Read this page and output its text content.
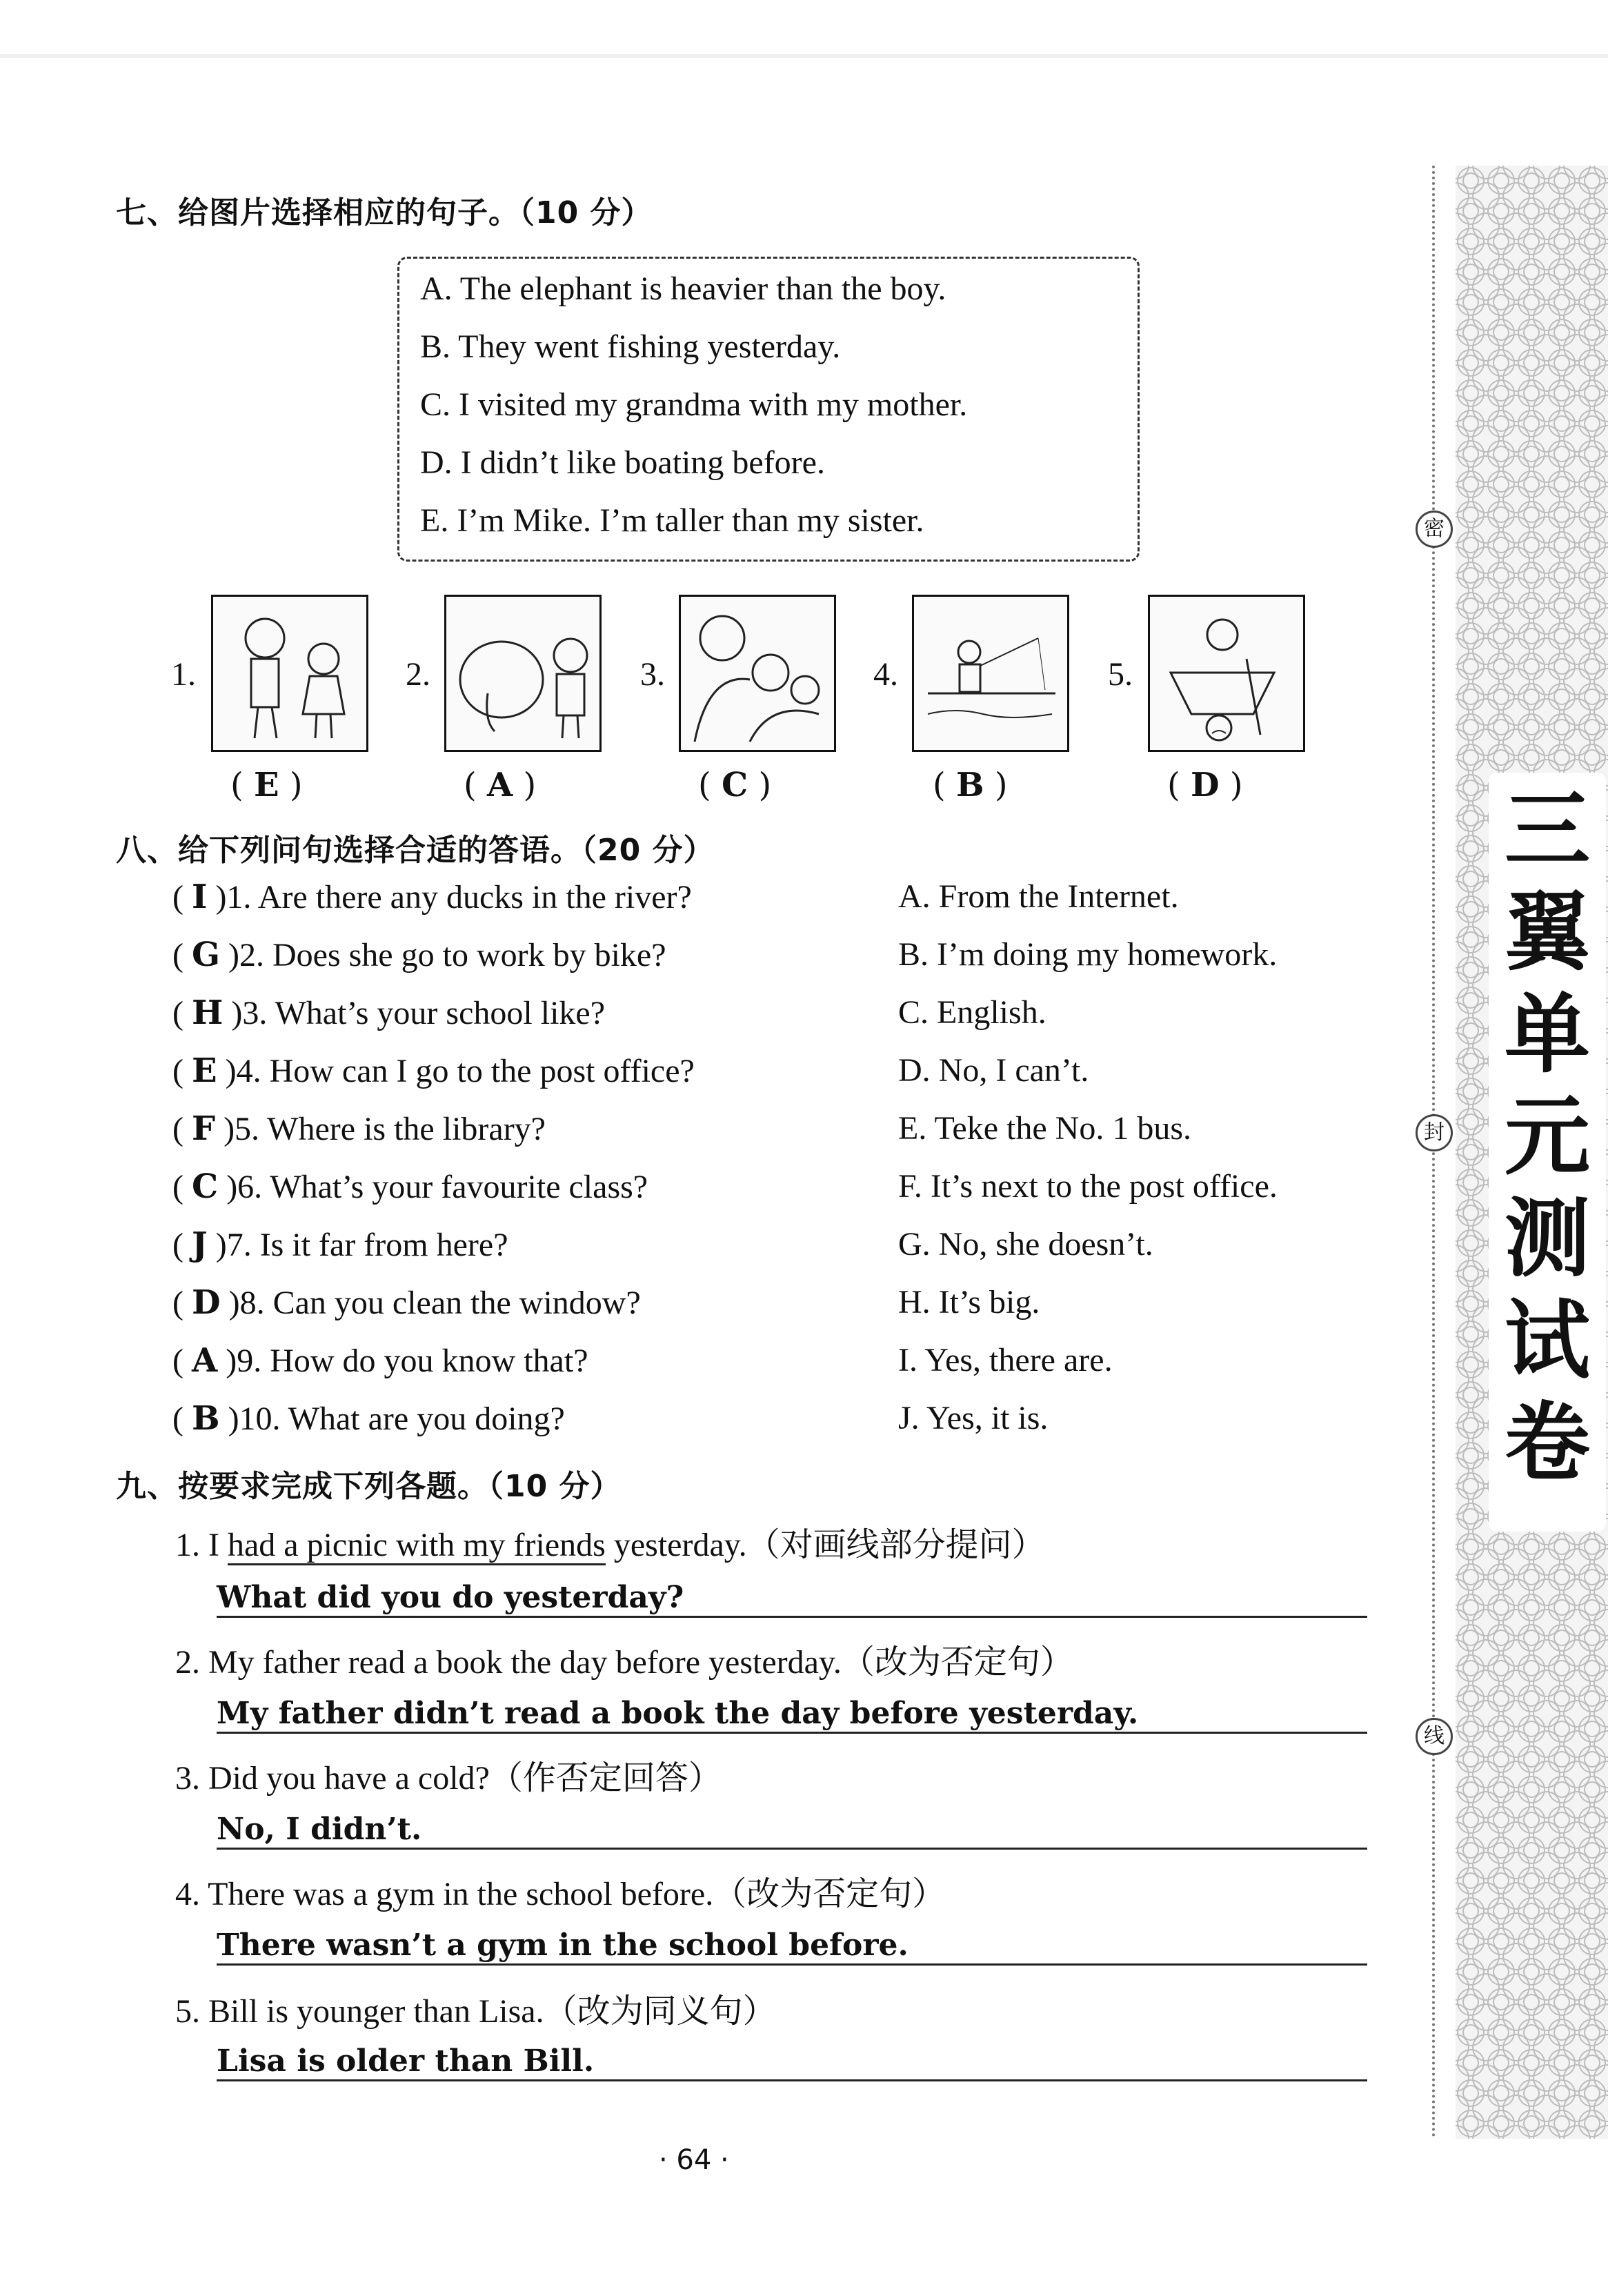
三
翼
单
元
测
试
卷
密
封
线
七、给图片选择相应的句子。（10 分）
A. The elephant is heavier than the boy.
B. They went fishing yesterday.
C. I visited my grandma with my mother.
D. I didn’t like boating before.
E. I’m Mike. I’m taller than my sister.
1.	2.	3.	4.	5.
( E )	( A )	( C )	( B )	( D )
八、给下列问句选择合适的答语。（20 分）
( I )1. Are there any ducks in the river?
( G )2. Does she go to work by bike?
( H )3. What’s your school like?
( E )4. How can I go to the post office?
( F )5. Where is the library?
( C )6. What’s your favourite class?
( J )7. Is it far from here?
( D )8. Can you clean the window?
( A )9. How do you know that?
( B )10. What are you doing?
A. From the Internet.
B. I’m doing my homework.
C. English.
D. No, I can’t.
E. Teke the No. 1 bus.
F. It’s next to the post office.
G. No, she doesn’t.
H. It’s big.
I. Yes, there are.
J. Yes, it is.
九、按要求完成下列各题。（10 分）
1. I had a picnic with my friends yesterday.（对画线部分提问）
What did you do yesterday?
2. My father read a book the day before yesterday.（改为否定句）
My father didn’t read a book the day before yesterday.
3. Did you have a cold?（作否定回答）
No, I didn’t.
4. There was a gym in the school before.（改为否定句）
There wasn’t a gym in the school before.
5. Bill is younger than Lisa.（改为同义句）
Lisa is older than Bill.
· 64 ·
